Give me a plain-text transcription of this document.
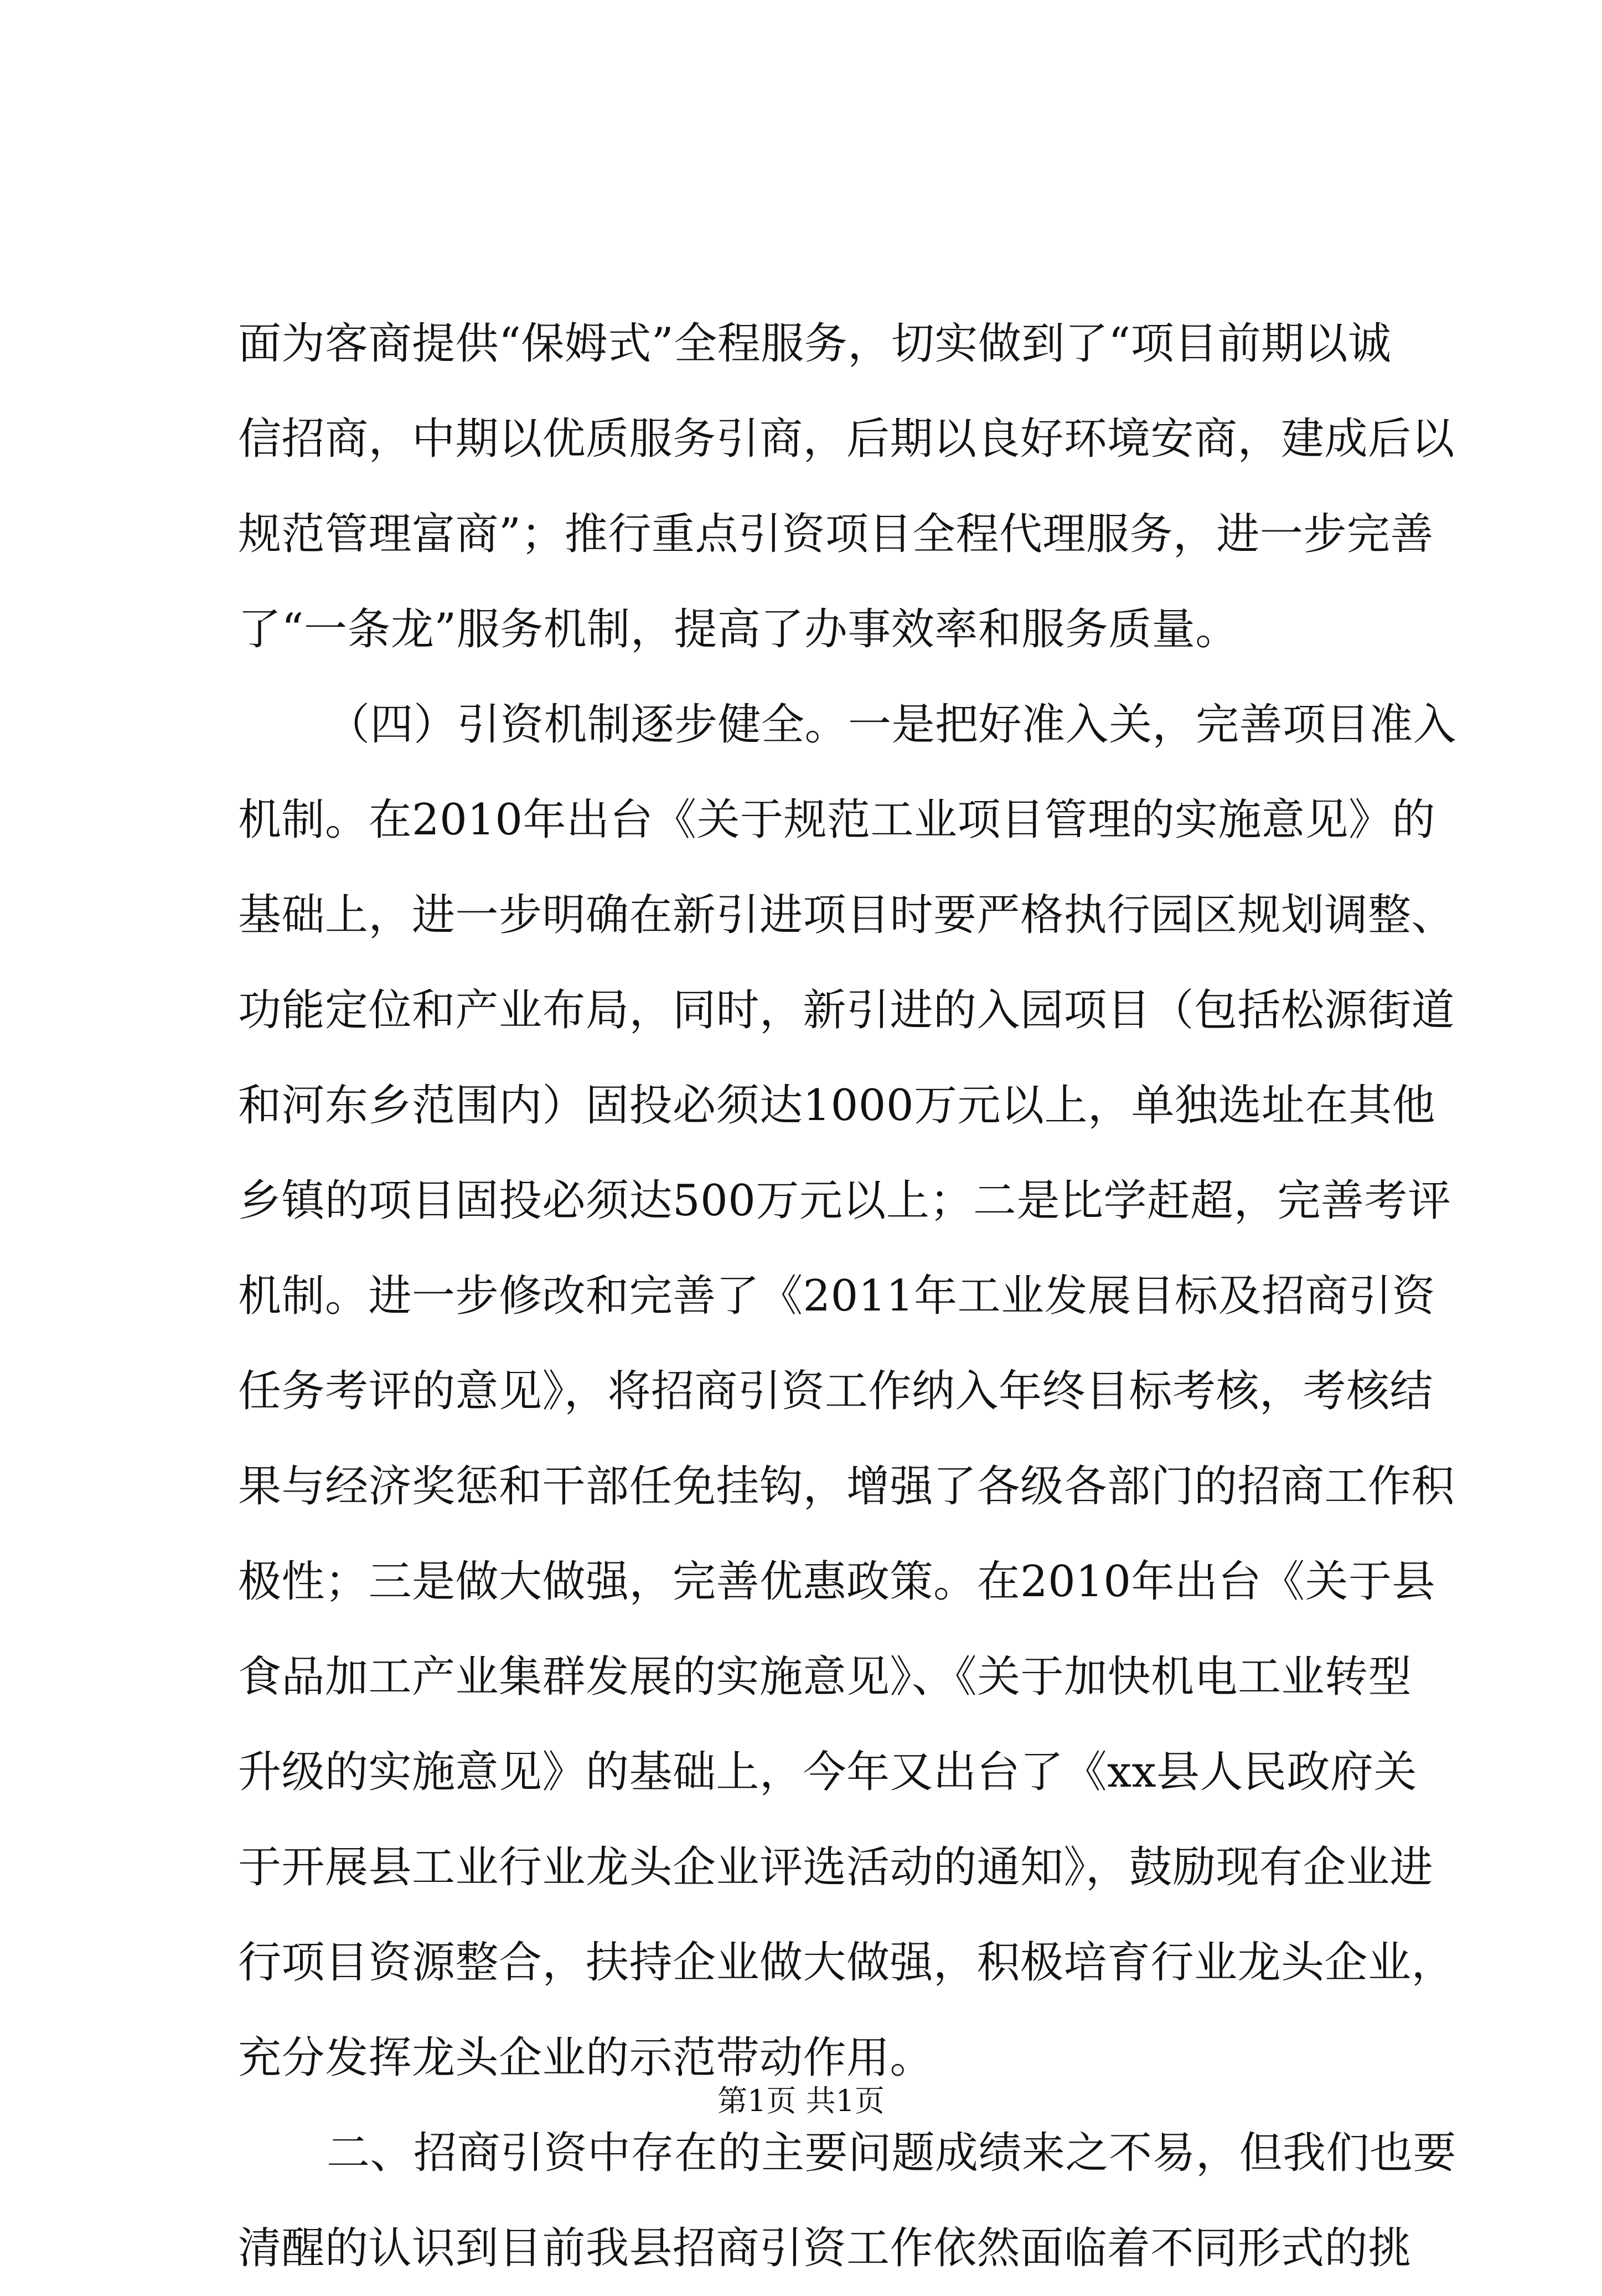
面为客商提供“保姆式”全程服务，切实做到了“项目前期以诚
信招商，中期以优质服务引商，后期以良好环境安商，建成后以
规范管理富商”；推行重点引资项目全程代理服务，进一步完善
了“一条龙”服务机制，提高了办事效率和服务质量。
（四）引资机制逐步健全。一是把好准入关，完善项目准入
机制。在2010年出台《关于规范工业项目管理的实施意见》的
基础上，进一步明确在新引进项目时要严格执行园区规划调整、
功能定位和产业布局，同时，新引进的入园项目（包括松源街道
和河东乡范围内）固投必须达1000万元以上，单独选址在其他
乡镇的项目固投必须达500万元以上；二是比学赶超，完善考评
机制。进一步修改和完善了《2011年工业发展目标及招商引资
任务考评的意见》，将招商引资工作纳入年终目标考核，考核结
果与经济奖惩和干部任免挂钩，增强了各级各部门的招商工作积
极性；三是做大做强，完善优惠政策。在2010年出台《关于县
食品加工产业集群发展的实施意见》、《关于加快机电工业转型
升级的实施意见》的基础上，今年又出台了《xx县人民政府关
于开展县工业行业龙头企业评选活动的通知》，鼓励现有企业进
行项目资源整合，扶持企业做大做强，积极培育行业龙头企业，
充分发挥龙头企业的示范带动作用。
二、招商引资中存在的主要问题成绩来之不易，但我们也要
清醒的认识到目前我县招商引资工作依然面临着不同形式的挑
第1页 共1页
